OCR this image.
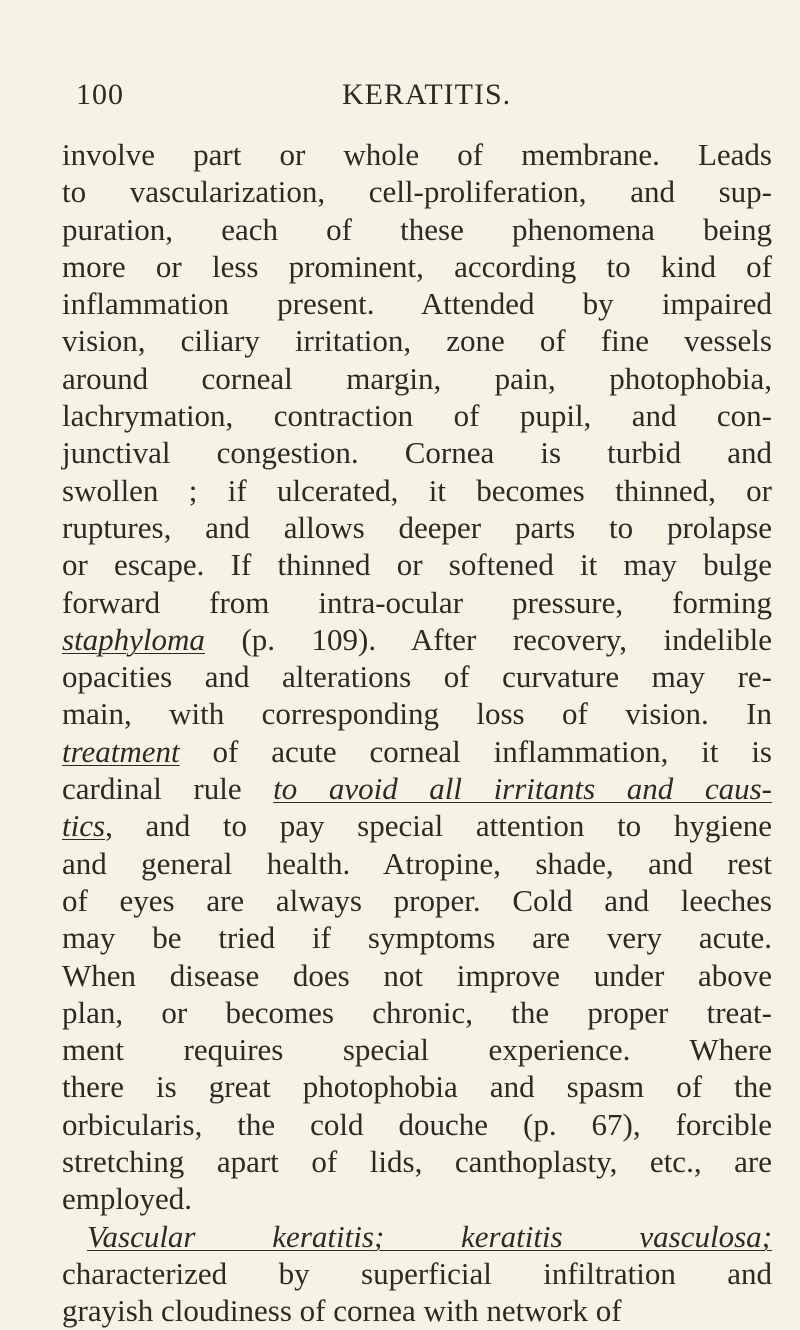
100	KERATITIS.
involve part or whole of membrane. Leads
to vascularization, cell-proliferation, and sup-
puration, each of these phenomena being
more or less prominent, according to kind of
inflammation present. Attended by impaired
vision, ciliary irritation, zone of fine vessels
around corneal margin, pain, photophobia,
lachrymation, contraction of pupil, and con-
junctival congestion. Cornea is turbid and
swollen ; if ulcerated, it becomes thinned, or
ruptures, and allows deeper parts to prolapse
or escape. If thinned or softened it may bulge
forward from intra-ocular pressure, forming
staphyloma (p. 109). After recovery, indelible
opacities and alterations of curvature may re-
main, with corresponding loss of vision. In
treatment of acute corneal inflammation, it is
cardinal rule to avoid all irritants and caus-
tics, and to pay special attention to hygiene
and general health. Atropine, shade, and rest
of eyes are always proper. Cold and leeches
may be tried if symptoms are very acute.
When disease does not improve under above
plan, or becomes chronic, the proper treat-
ment requires special experience. Where
there is great photophobia and spasm of the
orbicularis, the cold douche (p. 67), forcible
stretching apart of lids, canthoplasty, etc., are
employed.
Vascular keratitis; keratitis vasculosa;
characterized by superficial infiltration and
grayish cloudiness of cornea with network of
